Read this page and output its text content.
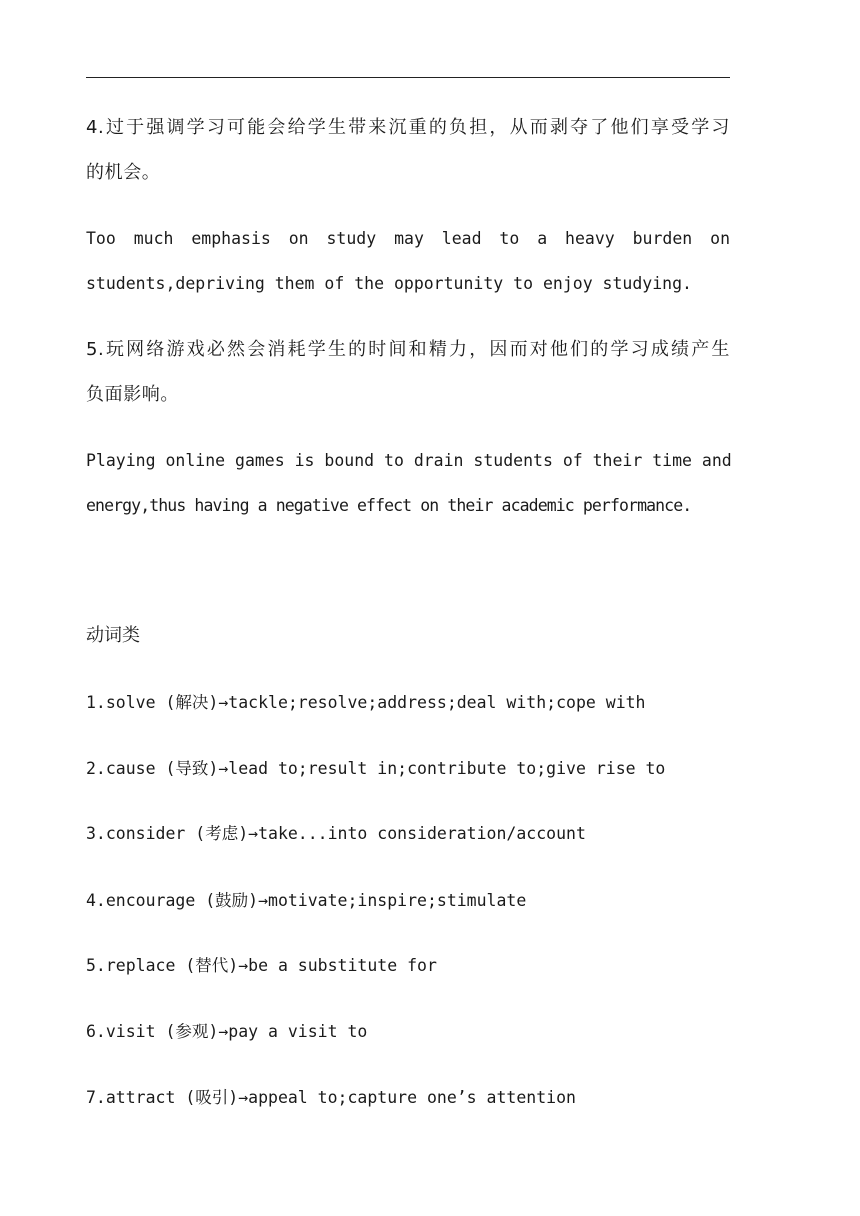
4.过于强调学习可能会给学生带来沉重的负担，从而剥夺了他们享受学习
的机会。
Too much emphasis on study may lead to a heavy burden on
students,depriving them of the opportunity to enjoy studying.
5.玩网络游戏必然会消耗学生的时间和精力，因而对他们的学习成绩产生
负面影响。
Playing online games is bound to drain students of their time and
energy,thus having a negative effect on their academic performance.
动词类
1.solve (解决)→tackle;resolve;address;deal with;cope with
2.cause (导致)→lead to;result in;contribute to;give rise to
3.consider (考虑)→take...into consideration/account
4.encourage (鼓励)→motivate;inspire;stimulate
5.replace (替代)→be a substitute for
6.visit (参观)→pay a visit to
7.attract (吸引)→appeal to;capture one’s attention
